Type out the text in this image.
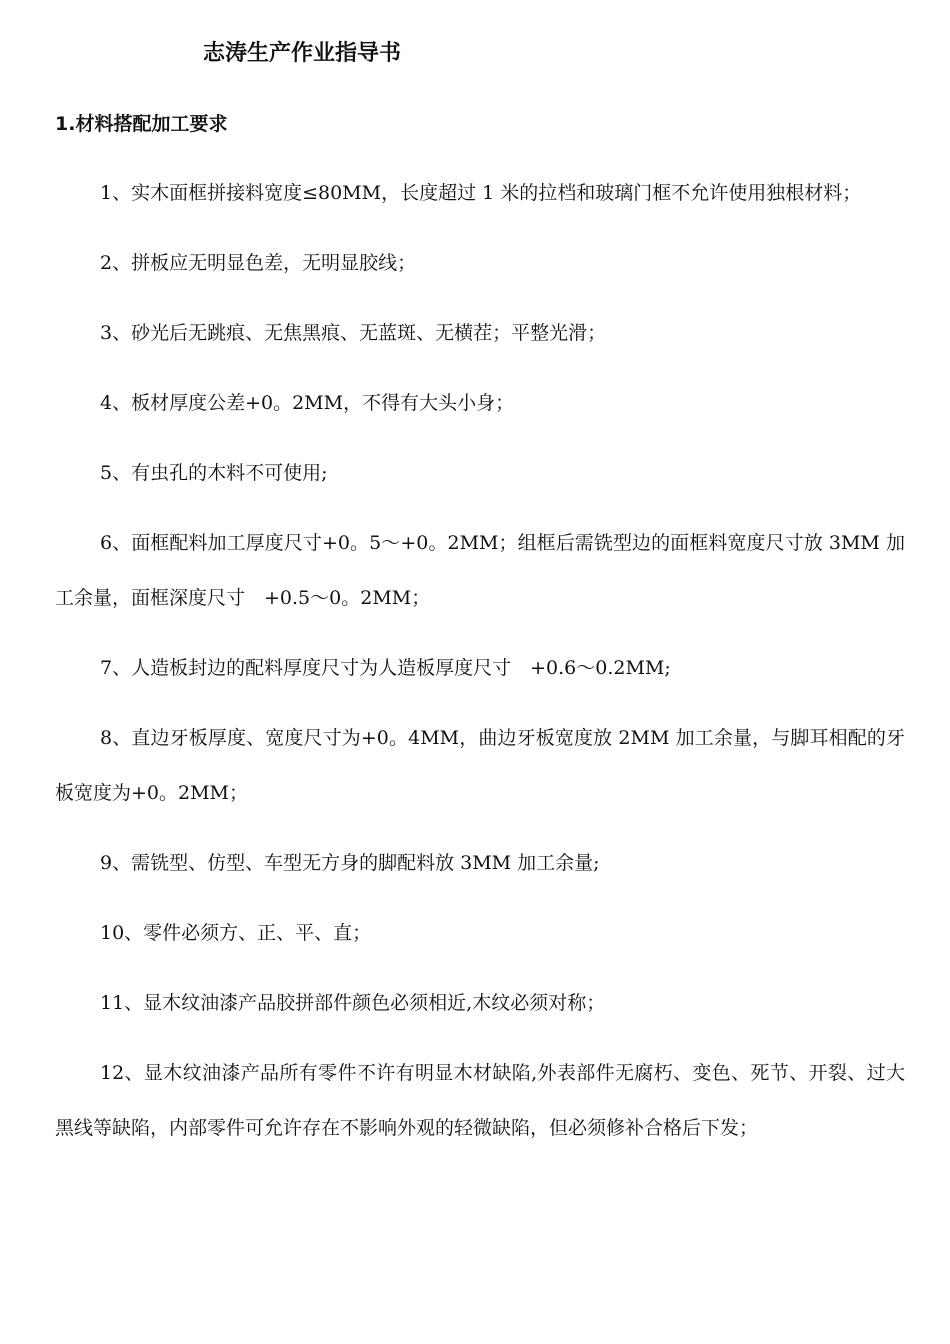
志涛生产作业指导书
1.材料搭配加工要求

1、实木面框拼接料宽度≤80MM，长度超过 1 米的拉档和玻璃门框不允许使用独根材料；

2、拼板应无明显色差，无明显胶线；

3、砂光后无跳痕、无焦黑痕、无蓝斑、无横茬；平整光滑；

4、板材厚度公差+0。2MM，不得有大头小身；

5、有虫孔的木料不可使用;

6、面框配料加工厚度尺寸+0。5～+0。2MM；组框后需铣型边的面框料宽度尺寸放 3MM 加工余量，面框深度尺寸　+0.5～0。2MM；

7、人造板封边的配料厚度尺寸为人造板厚度尺寸　+0.6～0.2MM;

8、直边牙板厚度、宽度尺寸为+0。4MM，曲边牙板宽度放 2MM 加工余量，与脚耳相配的牙板宽度为+0。2MM；

9、需铣型、仿型、车型无方身的脚配料放 3MM 加工余量;

10、零件必须方、正、平、直；

11、显木纹油漆产品胶拼部件颜色必须相近,木纹必须对称；

12、显木纹油漆产品所有零件不许有明显木材缺陷,外表部件无腐朽、变色、死节、开裂、过大黑线等缺陷，内部零件可允许存在不影响外观的轻微缺陷，但必须修补合格后下发；
